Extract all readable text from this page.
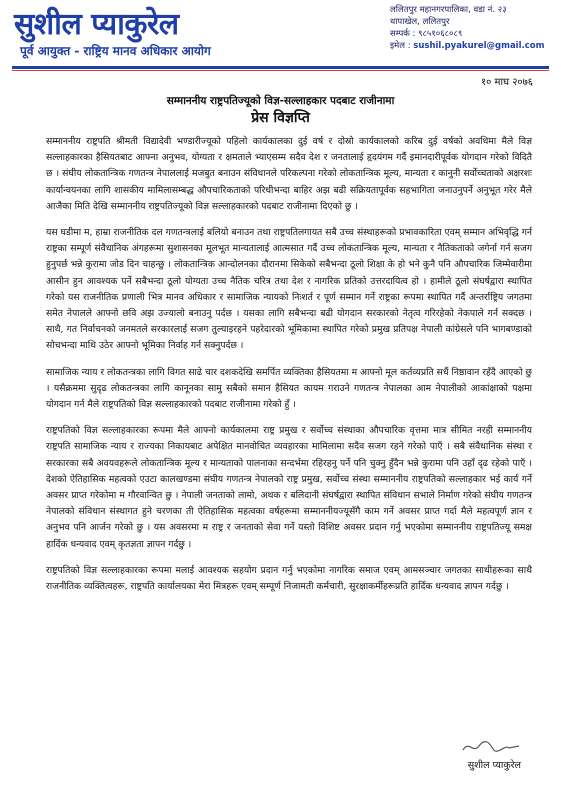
सुशील प्याकुरेल
पूर्व आयुक्त - राष्ट्रिय मानव अधिकार आयोग
ललितपुर महानगरपालिका, वडा नं. २३
धापाखेल, ललितपुर
सम्पर्क : ९८५१०६८०८९
इमेल : sushil.pyakurel@gmail.com
१० माघ २०७६
सम्माननीय राष्ट्रपतिज्यूको विज्ञ-सल्लाहकार पदबाट राजीनामा
प्रेस विज्ञप्ति

सम्माननीय राष्ट्रपति श्रीमती विद्यादेवी भण्डारीज्यूको पहिलो कार्यकालका दुई वर्ष र दोस्रो कार्यकालको करिब दुई वर्षको अवधिमा मैले विज्ञ सल्लाहकारका हैसियतबाट आफ्ना अनुभव, योग्यता र क्षमताले भ्याएसम्म सदैव देश र जनतालाई हृदयंगम गर्दै इमानदारीपूर्वक योगदान गरेको विदितै छ । संघीय लोकतान्त्रिक गणतन्त्र नेपाललाई मजबुत बनाउन संविधानले परिकल्पना गरेको लोकतान्त्रिक मूल्य, मान्यता र कानुनी सर्वोच्चताको अक्षरशः कार्यान्वयनका लागि शासकीय मामिलासम्बद्ध औपचारिकताको परिधीभन्दा बाहिर अझ बढी सक्रियतापूर्वक सहभागिता जनाउनुपर्ने अनुभूत गरेर मैले आजैका मिति देखि सम्माननीय राष्ट्रपतिज्यूको विज्ञ सल्लाहकारको पदबाट राजीनामा दिएको छु ।

यस घडीमा म, हाम्रा राजनीतिक दल गणतन्त्रलाई बलियो बनाउन तथा राष्ट्रपतिलगायत सबै उच्च संस्थाहरूको प्रभावकारिता एवम् सम्मान अभिवृद्धि गर्न राष्ट्रका सम्पूर्ण संवैधानिक अंगहरूमा सुशासनका मूलभूत मान्यतालाई आत्मसात गर्दै उच्च लोकतान्त्रिक मूल्य, मान्यता र नैतिकताको जगेर्ना गर्न सजग हुनुपर्छ भन्ने कुरामा जोड दिन चाहन्छु । लोकतान्त्रिक आन्दोलनका दौरानमा सिकेको सबैभन्दा ठूलो शिक्षा के हो भने कुनै पनि औपचारिक जिम्मेवारीमा आसीन हुन आवश्यक पर्ने सबैभन्दा ठूलो योग्यता उच्च नैतिक चरित्र तथा देश र नागरिक प्रतिको उत्तरदायित्व हो । हामीले ठूलो संघर्षद्वारा स्थापित गरेको यस राजनीतिक प्रणाली भित्र मानव अधिकार र सामाजिक न्यायको निःशर्त र पूर्ण सम्मान गर्ने राष्ट्रका रूपमा स्थापित गर्दै अन्तर्राष्ट्रिय जगतमा समेत नेपालले आफ्नो छवि अझ उज्यालो बनाउनु पर्दछ । यसका लागि सबैभन्दा बढी योगदान सरकारको नेतृत्व गरिरहेको नेकपाले गर्न सक्दछ । साथै, गत निर्वाचनको जनमतले सरकारलाई सजग तुल्याइरहने पहरेदारको भूमिकामा स्थापित गरेको प्रमुख प्रतिपक्ष नेपाली कांग्रेसले पनि भागबण्डाको सोचभन्दा माथि उठेर आफ्नो भूमिका निर्वाह गर्न सक्नुपर्दछ ।

सामाजिक न्याय र लोकतन्त्रका लागि विगत साढे चार दशकदेखि समर्पित व्यक्तिका हैसियतमा म आफ्नो मूल कर्तव्यप्रति सधैं निष्ठावान रहँदै आएको छु । यसैक्रममा सुदृढ लोकतन्त्रका लागि कानूनका सामु सबैको समान हैसियत कायम गराउने गणतन्त्र नेपालका आम नेपालीको आकांक्षाको पक्षमा योगदान गर्न मैले राष्ट्रपतिको विज्ञ सल्लाहकारको पदबाट राजीनामा गरेको हुँ ।

राष्ट्रपतिको विज्ञ सल्लाहकारका रूपमा मैले आफ्नो कार्यकालमा राष्ट्र प्रमुख र सर्वोच्च संस्थाका औपचारिक वृत्तमा मात्र सीमित नरही सम्माननीय राष्ट्रपति सामाजिक न्याय र राज्यका निकायबाट अपेक्षित मानवोचित व्यवहारका मामिलामा सदैव सजग रहने गरेको पाएँ । सबै संवैधानिक संस्था र सरकारका सबै अवयवहरूले लोकतान्त्रिक मूल्य र मान्यताको पालनाका सन्दर्भमा रहिरहनु पर्ने पनि चुक्नु हुँदैन भन्ने कुरामा पनि उहाँ दृढ रहेको पाएँ । देशको ऐतिहासिक महत्वको एउटा कालखण्डमा संघीय गणतन्त्र नेपालको राष्ट्र प्रमुख, सर्वोच्च संस्था सम्माननीय राष्ट्रपतिको सल्लाहकार भई कार्य गर्ने अवसर प्राप्त गरेकोमा म गौरवान्वित छु । नेपाली जनताको लामो, अथक र बलिदानी संघर्षद्वारा स्थापित संविधान सभाले निर्माण गरेको संघीय गणतन्त्र नेपालको संविधान संस्थागत हुने चरणका ती ऐतिहासिक महत्वका वर्षहरूमा सम्माननीयज्यूसँगै काम गर्ने अवसर प्राप्त गर्दा मैले महत्वपूर्ण ज्ञान र अनुभव पनि आर्जन गरेको छु । यस अवसरमा म राष्ट्र र जनताको सेवा गर्ने यस्तो विशिष्ट अवसर प्रदान गर्नु भएकोमा सम्माननीय राष्ट्रपतिज्यू समक्ष हार्दिक धन्यवाद एवम् कृतज्ञता ज्ञापन गर्दछु ।

राष्ट्रपतिको विज्ञ सल्लाहकारका रूपमा मलाई आवश्यक सहयोग प्रदान गर्नु भएकोमा नागरिक समाज एवम् आमसञ्चार जगतका साथीहरूका साथै राजनीतिक व्यक्तित्वहरू, राष्ट्रपति कार्यालयका मेरा मित्रहरू एवम् सम्पूर्ण निजामती कर्मचारी, सुरक्षाकर्मीहरूप्रति हार्दिक धन्यवाद ज्ञापन गर्दछु ।

सुशील प्याकुरेल
